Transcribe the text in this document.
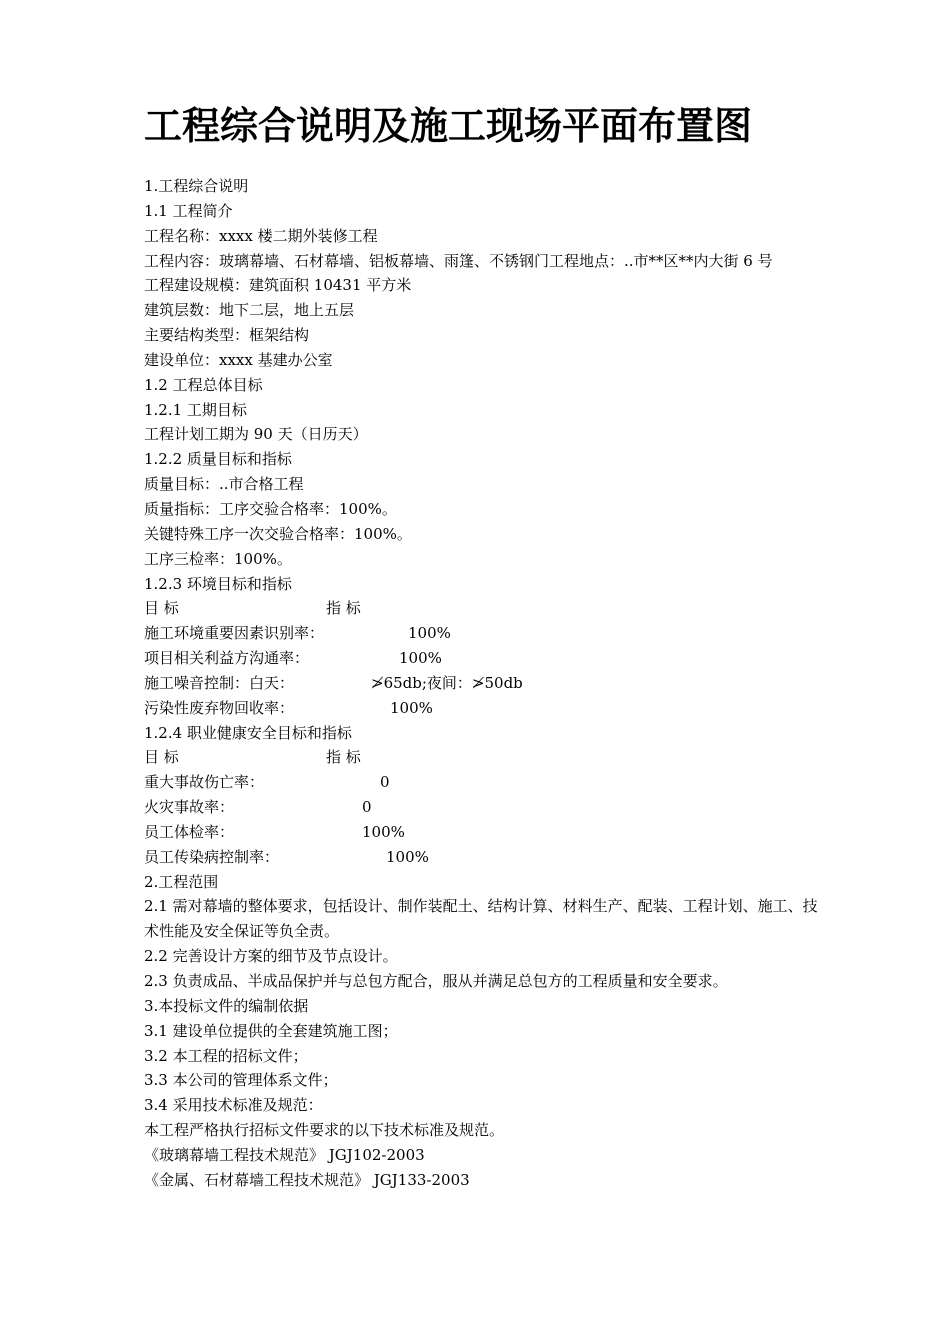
工程综合说明及施工现场平面布置图

1.工程综合说明

1.1 工程简介

工程名称：xxxx 楼二期外装修工程

工程内容：玻璃幕墙、石材幕墙、铝板幕墙、雨篷、不锈钢门工程地点：..市**区**内大街 6 号

工程建设规模：建筑面积 10431 平方米

建筑层数：地下二层，地上五层

主要结构类型：框架结构

建设单位：xxxx 基建办公室

1.2 工程总体目标

1.2.1 工期目标

工程计划工期为 90 天（日历天）

1.2.2 质量目标和指标

质量目标：..市合格工程

质量指标：工序交验合格率：100%。

关键特殊工序一次交验合格率：100%。

工序三检率：100%。

1.2.3 环境目标和指标

目 标	指 标

施工环境重要因素识别率：	100%

项目相关利益方沟通率：	100%

施工噪音控制：白天：	≯65db;夜间：≯50db

污染性废弃物回收率：	100%

1.2.4 职业健康安全目标和指标

目 标	指 标

重大事故伤亡率：	0

火灾事故率：	0

员工体检率：	100%

员工传染病控制率：	100%

2.工程范围

2.1 需对幕墙的整体要求，包括设计、制作装配土、结构计算、材料生产、配装、工程计划、施工、技术性能及安全保证等负全责。

2.2 完善设计方案的细节及节点设计。

2.3 负责成品、半成品保护并与总包方配合，服从并满足总包方的工程质量和安全要求。

3.本投标文件的编制依据

3.1 建设单位提供的全套建筑施工图；

3.2 本工程的招标文件；

3.3 本公司的管理体系文件；

3.4 采用技术标准及规范：

本工程严格执行招标文件要求的以下技术标准及规范。

《玻璃幕墙工程技术规范》 JGJ102-2003

《金属、石材幕墙工程技术规范》 JGJ133-2003
